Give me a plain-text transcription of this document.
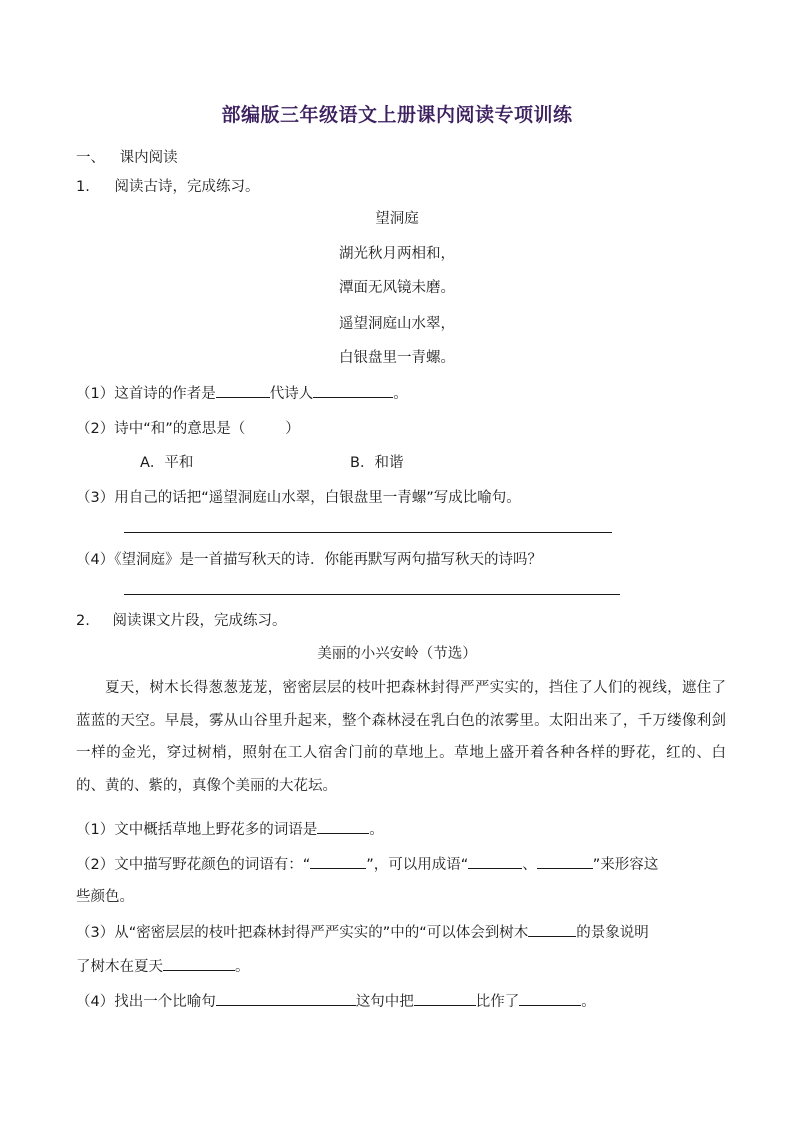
部编版三年级语文上册课内阅读专项训练
一、 课内阅读
1. 阅读古诗，完成练习。
望洞庭
湖光秋月两相和，
潭面无风镜未磨。
遥望洞庭山水翠，
白银盘里一青螺。
（1）这首诗的作者是	代诗人	。
（2）诗中“和”的意思是（	）
A．平和	B．和谐
（3）用自己的话把“遥望洞庭山水翠，白银盘里一青螺”写成比喻句。
（4）《望洞庭》是一首描写秋天的诗．你能再默写两句描写秋天的诗吗？
2. 阅读课文片段，完成练习。
美丽的小兴安岭（节选）
夏天，树木长得葱葱茏茏，密密层层的枝叶把森林封得严严实实的，挡住了人们的视线，遮住了蓝蓝的天空。早晨，雾从山谷里升起来，整个森林浸在乳白色的浓雾里。太阳出来了，千万缕像利剑一样的金光，穿过树梢，照射在工人宿舍门前的草地上。草地上盛开着各种各样的野花，红的、白的、黄的、紫的，真像个美丽的大花坛。
（1）文中概括草地上野花多的词语是	。
（2）文中描写野花颜色的词语有：“	”，可以用成语“	、	”来形容这
些颜色。
（3）从“密密层层的枝叶把森林封得严严实实的”中的“可以体会到树木	的景象说明
了树木在夏天	。
（4）找出一个比喻句	这句中把	比作了	。
